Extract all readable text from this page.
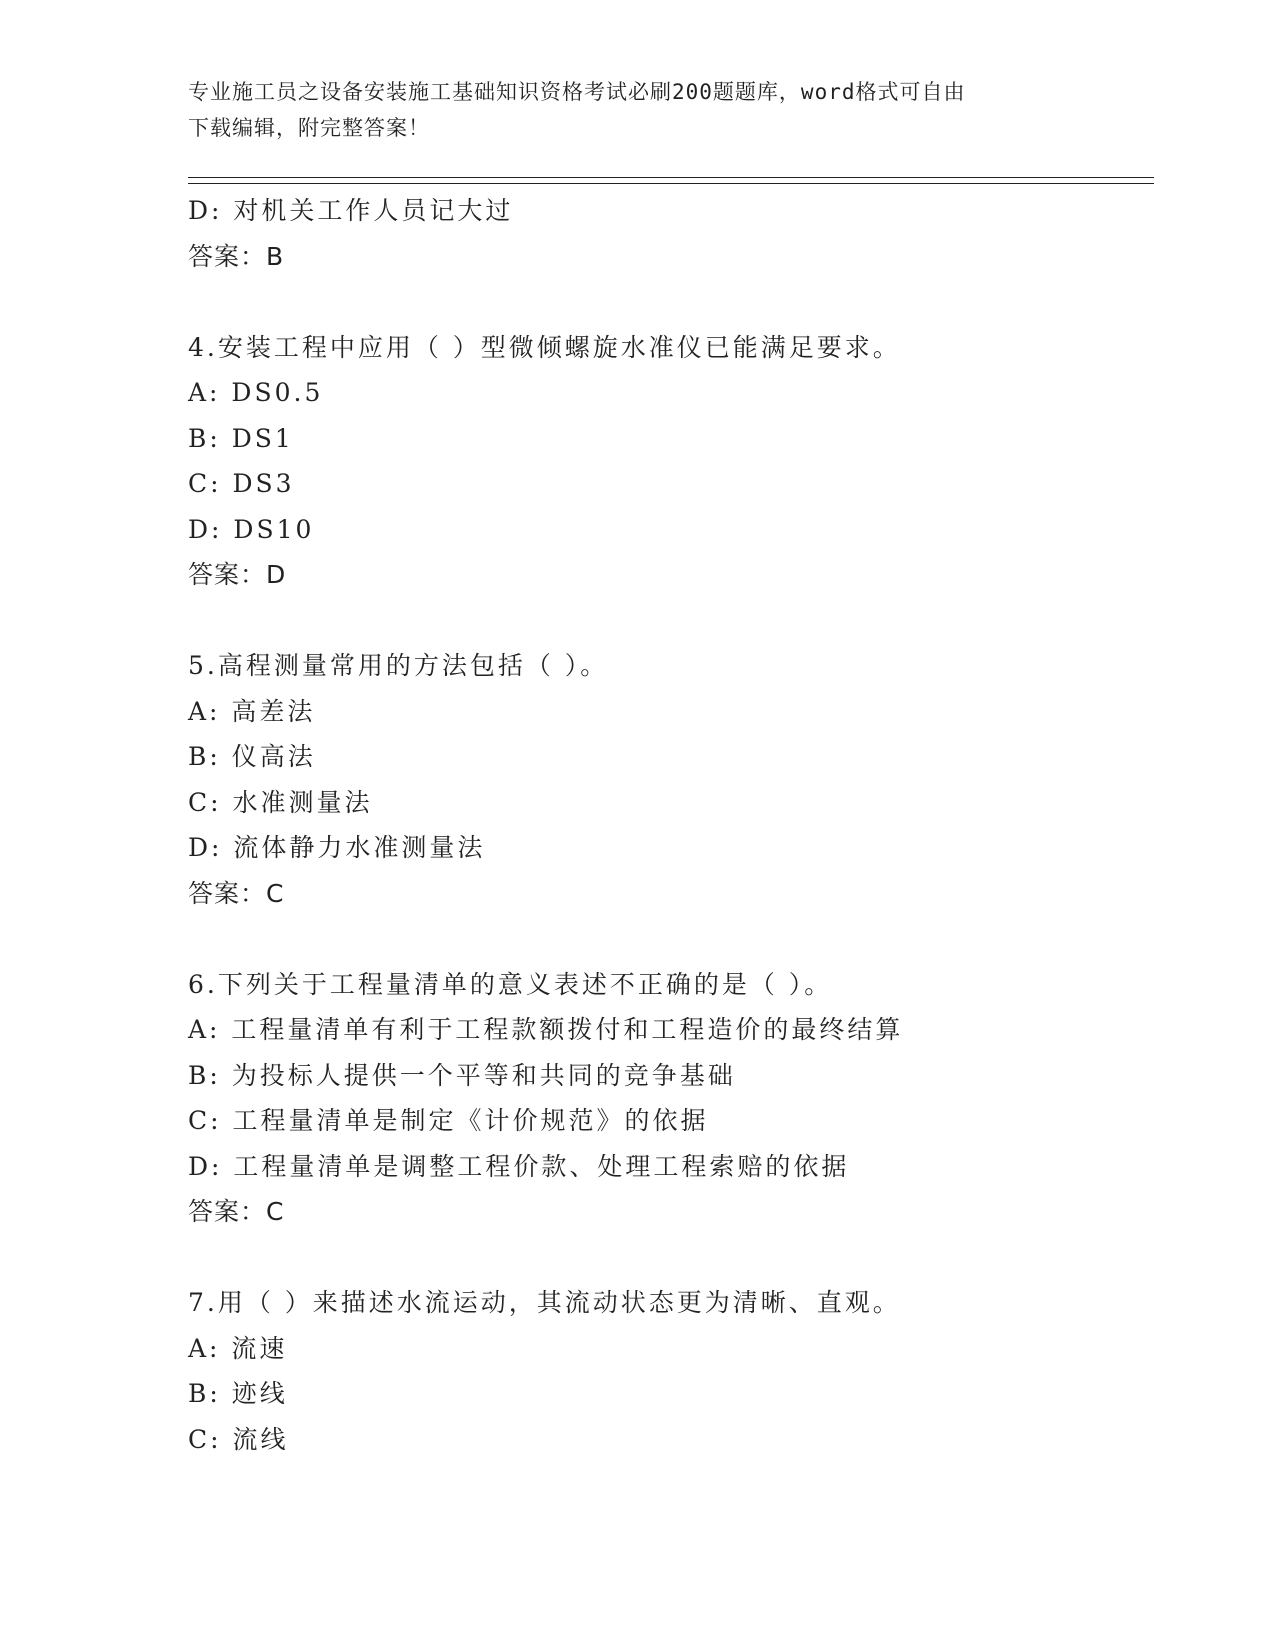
专业施工员之设备安装施工基础知识资格考试必刷200题题库，word格式可自由
下载编辑，附完整答案！
D: 对机关工作人员记大过
答案：B
4.安装工程中应用（ ）型微倾螺旋水准仪已能满足要求。
A: DS0.5
B: DS1
C: DS3
D: DS10
答案：D
5.高程测量常用的方法包括（ ）。
A: 高差法
B: 仪高法
C: 水准测量法
D: 流体静力水准测量法
答案：C
6.下列关于工程量清单的意义表述不正确的是（ ）。
A: 工程量清单有利于工程款额拨付和工程造价的最终结算
B: 为投标人提供一个平等和共同的竞争基础
C: 工程量清单是制定《计价规范》的依据
D: 工程量清单是调整工程价款、处理工程索赔的依据
答案：C
7.用（ ）来描述水流运动，其流动状态更为清晰、直观。
A: 流速
B: 迹线
C: 流线
